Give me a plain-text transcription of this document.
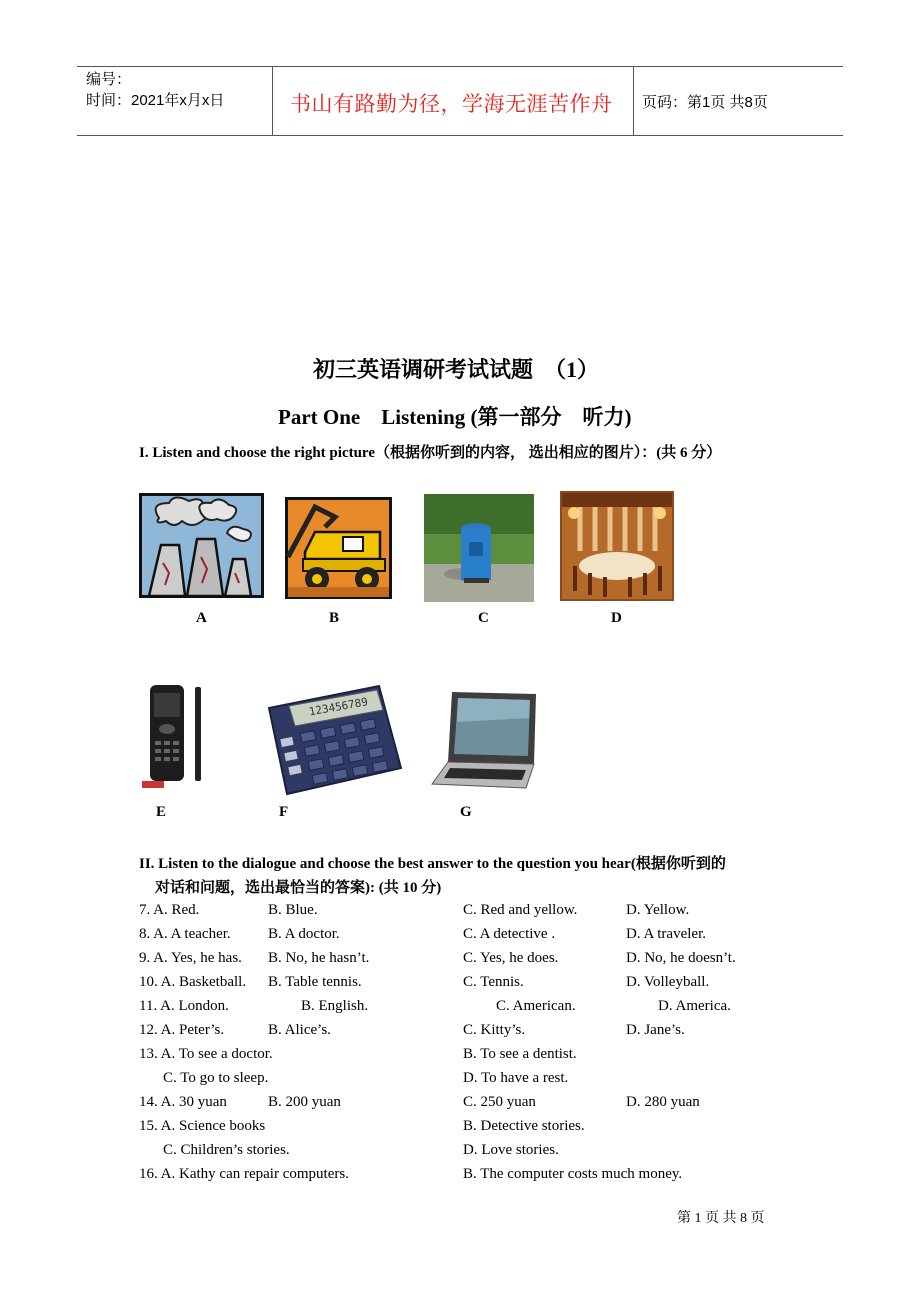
编号：
时间：2021年x月x日	书山有路勤为径，学海无涯苦作舟 页码：第1页 共8页
初三英语调研考试试题　（1）
Part One　Listening (第一部分　听力)
I. Listen and choose the right picture（根据你听到的内容， 选出相应的图片）：(共 6 分）
A	B	C	D
123456789
E	F	G
II. Listen to the dialogue and choose the best answer to the question you hear(根据你听到的
对话和问题，选出最恰当的答案): (共 10 分)
7. A. Red.	B. Blue.	C. Red and yellow.	D. Yellow.
8. A. A teacher. B. A doctor.	C. A detective .	D. A traveler.
9. A. Yes, he has. B. No, he hasn’t.	C. Yes, he does.	D. No, he doesn’t.
10. A. Basketball. B. Table tennis.	C. Tennis.	D. Volleyball.
11. A. London.	B. English.	C. American.	D. America.
12. A. Peter’s.	B. Alice’s.	C. Kitty’s.	D. Jane’s.
13. A. To see a doctor.	B. To see a dentist.
C. To go to sleep.	D. To have a rest.
14. A. 30 yuan	B. 200 yuan	C. 250 yuan	D. 280 yuan
15. A. Science books	B. Detective stories.
C. Children’s stories.	D. Love stories.
16. A. Kathy can repair computers.	B. The computer costs much money.
第 1 页 共 8 页
